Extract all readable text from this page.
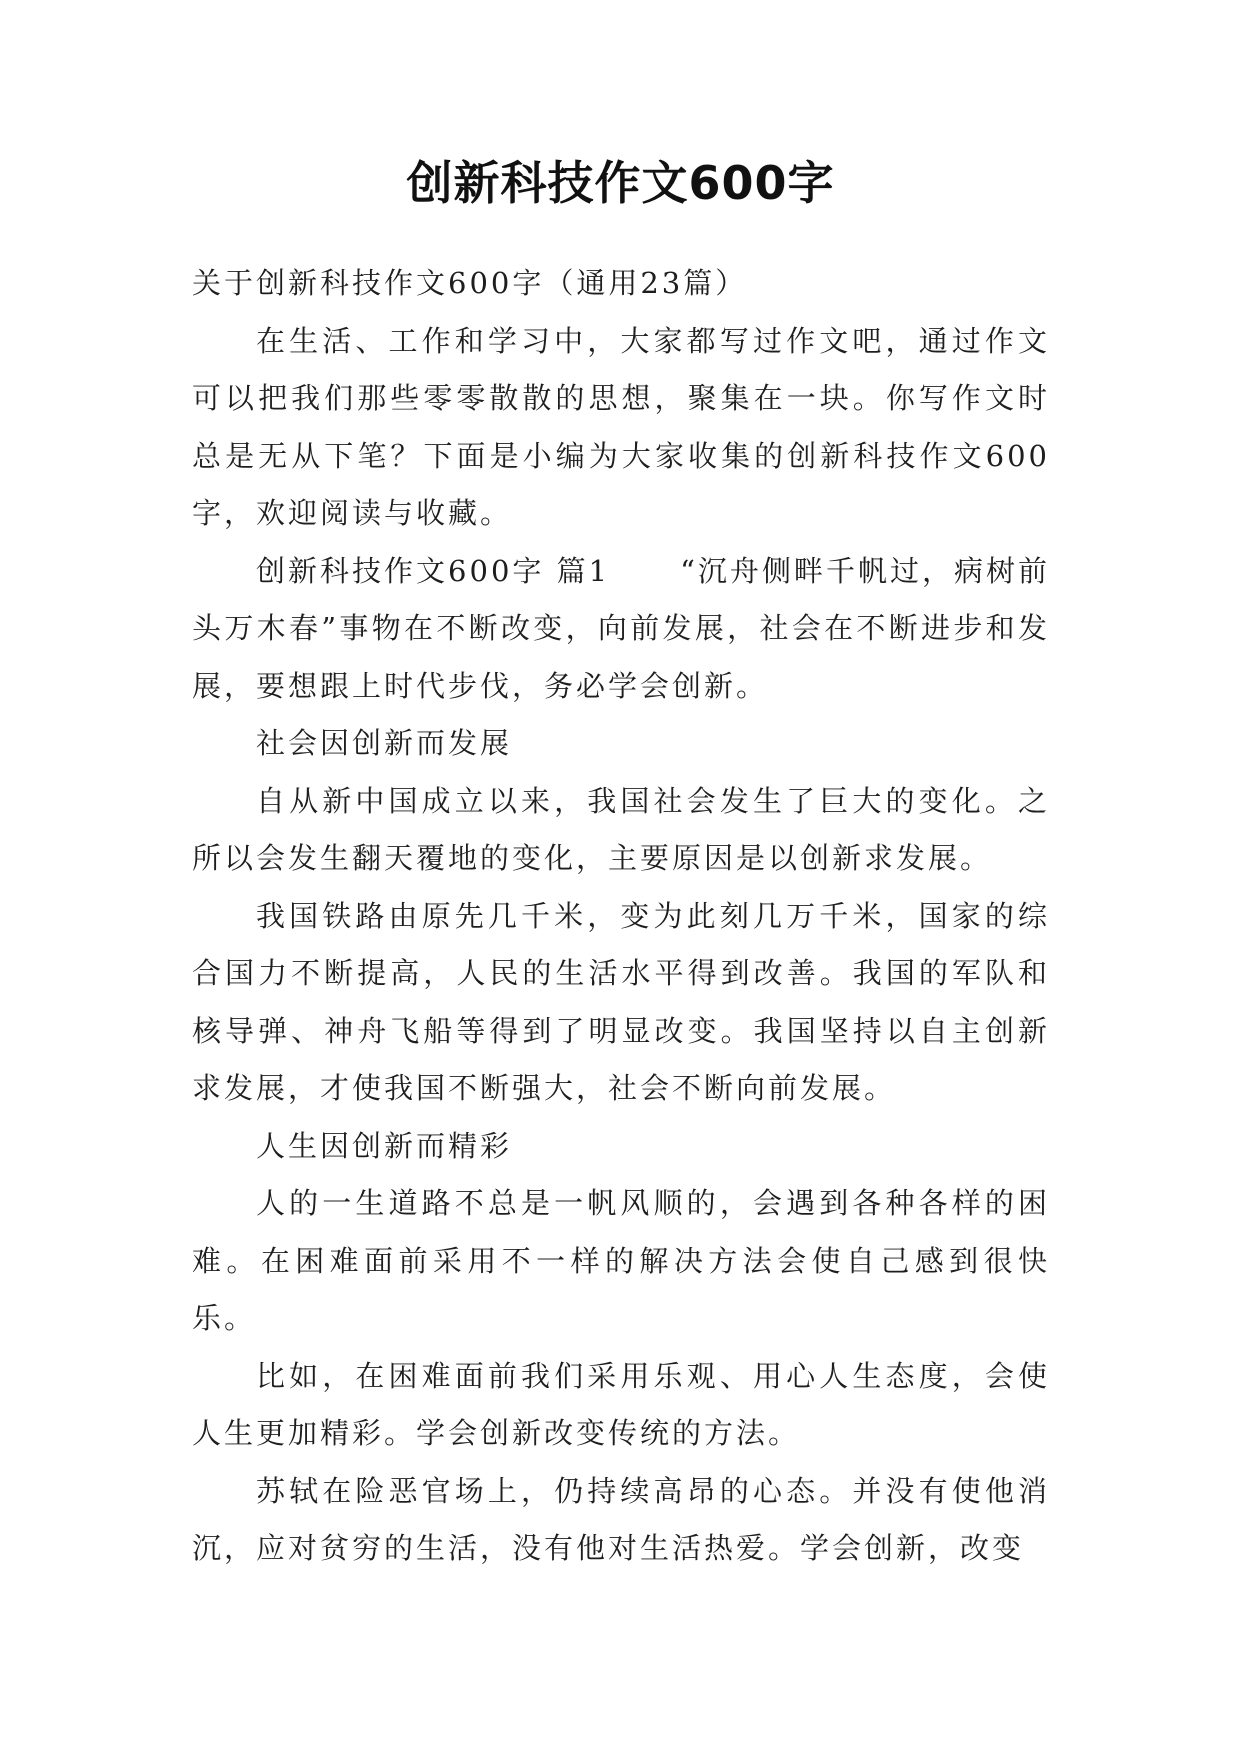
创新科技作文600字

关于创新科技作文600字（通用23篇）

在生活、工作和学习中，大家都写过作文吧，通过作文可以把我们那些零零散散的思想，聚集在一块。你写作文时总是无从下笔？下面是小编为大家收集的创新科技作文600字，欢迎阅读与收藏。

创新科技作文600字 篇1 “沉舟侧畔千帆过，病树前头万木春”事物在不断改变，向前发展，社会在不断进步和发展，要想跟上时代步伐，务必学会创新。

社会因创新而发展

自从新中国成立以来，我国社会发生了巨大的变化。之所以会发生翻天覆地的变化，主要原因是以创新求发展。

我国铁路由原先几千米，变为此刻几万千米，国家的综合国力不断提高，人民的生活水平得到改善。我国的军队和核导弹、神舟飞船等得到了明显改变。我国坚持以自主创新求发展，才使我国不断强大，社会不断向前发展。

人生因创新而精彩

人的一生道路不总是一帆风顺的，会遇到各种各样的困难。在困难面前采用不一样的解决方法会使自己感到很快乐。

比如，在困难面前我们采用乐观、用心人生态度，会使人生更加精彩。学会创新改变传统的方法。

苏轼在险恶官场上，仍持续高昂的心态。并没有使他消沉，应对贫穷的生活，没有他对生活热爱。学会创新，改变
